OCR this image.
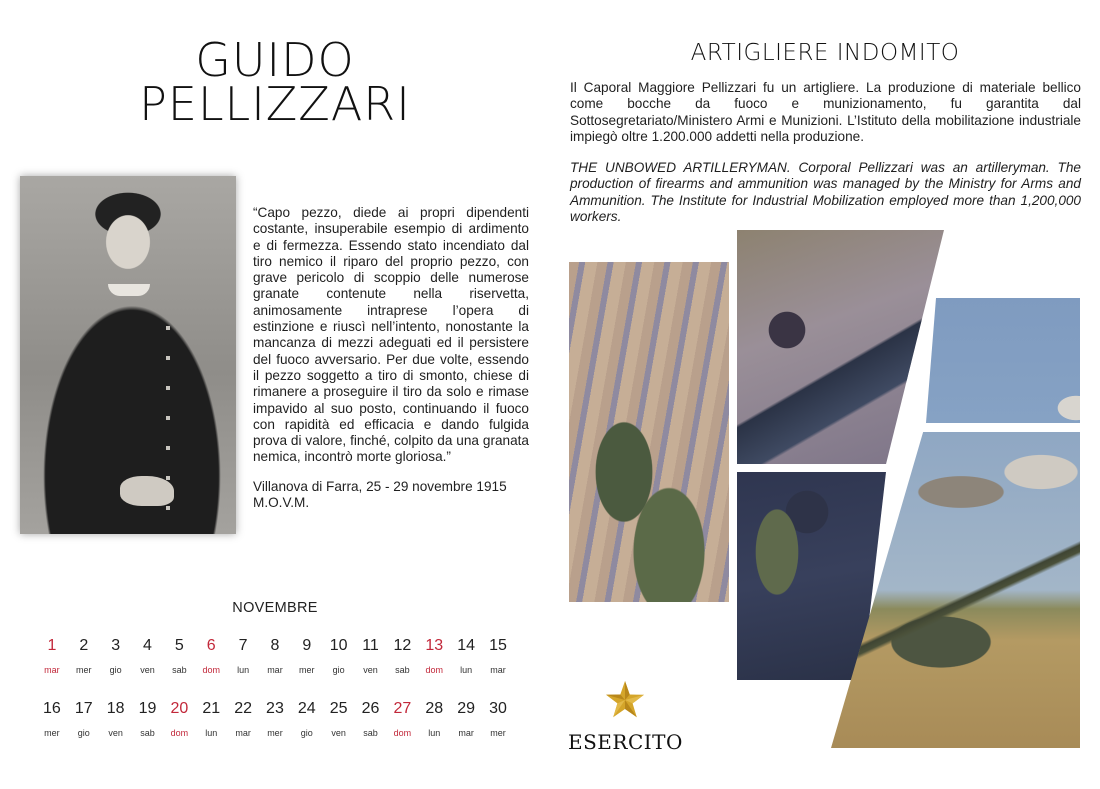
GUIDO
PELLIZZARI
“Capo pezzo, diede ai propri dipendenti costante, insuperabile esempio di ardimento e di fermezza. Essendo stato incendiato dal tiro nemico il riparo del proprio pezzo, con grave pericolo di scoppio delle numerose granate contenute nella riservetta, animosamente intraprese l’opera di estinzione e riuscì nell’intento, nonostante la mancanza di mezzi adeguati ed il persistere del fuoco avversario. Per due volte, essendo il pezzo soggetto a tiro di smonto, chiese di rimanere a proseguire il tiro da solo e rimase impavido al suo posto, continuando il fuoco con rapidità ed efficacia e dando fulgida prova di valore, finché, colpito da una granata nemica, incontrò morte gloriosa.”
Villanova di Farra, 25 - 29 novembre 1915
M.O.V.M.
NOVEMBRE
1
mar
2
mer
3
gio
4
ven
5
sab
6
dom
7
lun
8
mar
9
mer
10
gio
11
ven
12
sab
13
dom
14
lun
15
mar
16
mer
17
gio
18
ven
19
sab
20
dom
21
lun
22
mar
23
mer
24
gio
25
ven
26
sab
27
dom
28
lun
29
mar
30
mer
ARTIGLIERE INDOMITO
Il Caporal Maggiore Pellizzari fu un artigliere. La produzione di materiale bellico come bocche da fuoco e munizionamento, fu garantita dal Sottosegretariato/Ministero Armi e Munizioni. L’Istituto della mobilitazione industriale impiegò oltre 1.200.000 addetti nella produzione.
THE UNBOWED ARTILLERYMAN. Corporal Pellizzari was an artilleryman. The production of firearms and ammunition was managed by the Ministry for Arms and Ammunition. The Institute for Industrial Mobilization employed more than 1,200,000 workers.
ESERCITO
